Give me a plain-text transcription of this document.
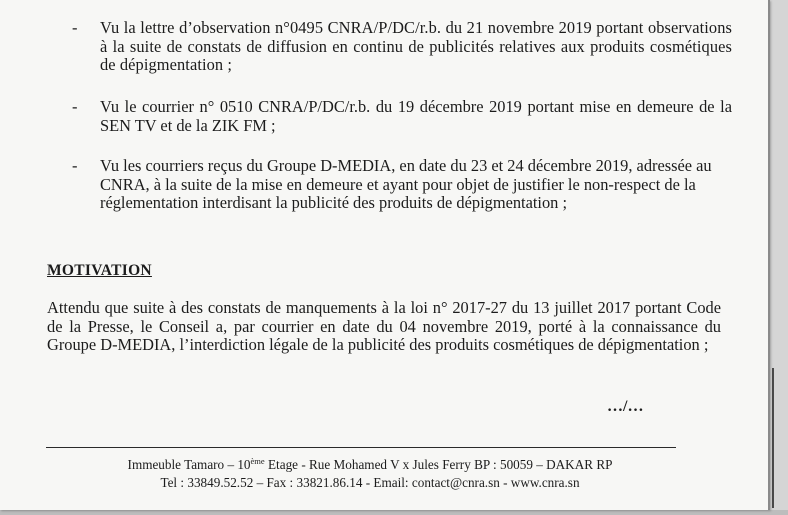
-	Vu la lettre d’observation n°0495 CNRA/P/DC/r.b. du 21 novembre 2019 portant observations à la suite de constats de diffusion en continu de publicités relatives aux produits cosmétiques de dépigmentation ;
-	Vu le courrier n° 0510 CNRA/P/DC/r.b. du 19 décembre 2019 portant mise en demeure de la SEN TV et de la ZIK FM ;
-	Vu les courriers reçus du Groupe D-MEDIA, en date du 23 et 24 décembre 2019, adressée au CNRA, à la suite de la mise en demeure et ayant pour objet de justifier le non-respect de la réglementation interdisant la publicité des produits de dépigmentation ;
MOTIVATION
Attendu que suite à des constats de manquements à la loi n° 2017-27 du 13 juillet 2017 portant Code de la Presse, le Conseil a, par courrier en date du 04 novembre 2019, porté à la connaissance du Groupe D-MEDIA, l’interdiction légale de la publicité des produits cosmétiques de dépigmentation ;
…/…
Immeuble Tamaro – 10ème Etage - Rue Mohamed V x Jules Ferry BP : 50059 – DAKAR RP
Tel : 33849.52.52 – Fax : 33821.86.14 - Email: contact@cnra.sn - www.cnra.sn
